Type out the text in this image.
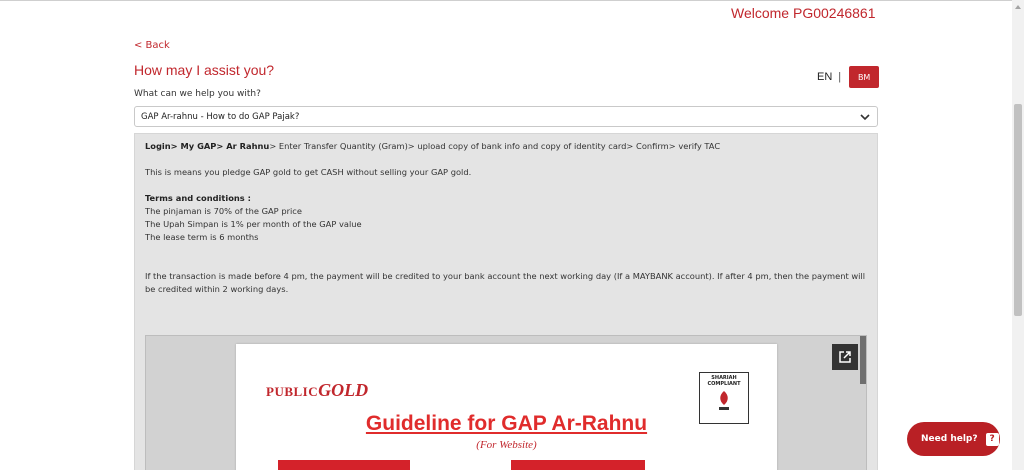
Welcome PG00246861
< Back
How may I assist you?	EN |	BM
What can we help you with?
GAP Ar-rahnu - How to do GAP Pajak?
Login> My GAP> Ar Rahnu> Enter Transfer Quantity (Gram)> upload copy of bank info and copy of identity card> Confirm> verify TAC
This is means you pledge GAP gold to get CASH without selling your GAP gold.
Terms and conditions :
The pinjaman is 70% of the GAP price
The Upah Simpan is 1% per month of the GAP value
The lease term is 6 months
If the transaction is made before 4 pm, the payment will be credited to your bank account the next working day (If a MAYBANK account). If after 4 pm, then the payment will be credited within 2 working days.
PUBLICGOLD
SHARIAH
COMPLIANT
Guideline for GAP Ar-Rahnu
(For Website)	Need help?	?
